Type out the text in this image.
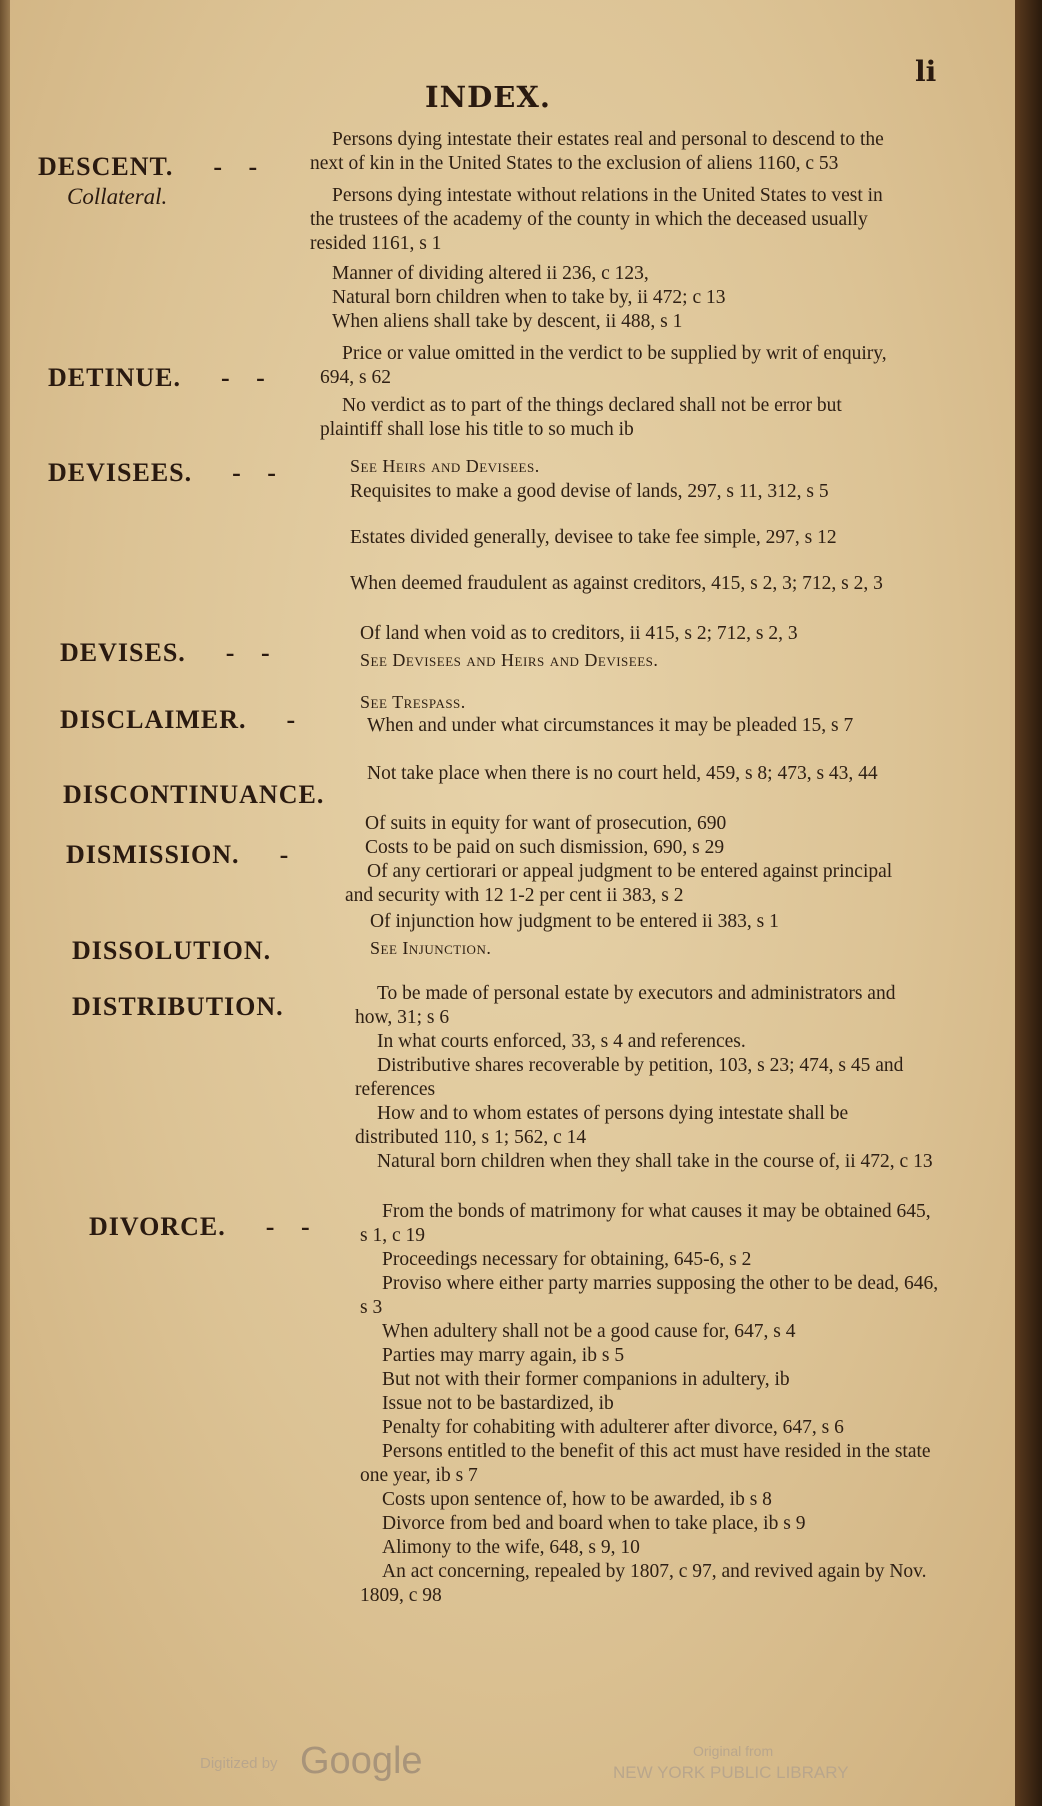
INDEX.
li
DESCENT. - -
Collateral.
DETINUE. - -
DEVISEES. - -
DEVISES. - -
DISCLAIMER. -
DISCONTINUANCE.
DISMISSION. -
DISSOLUTION.
DISTRIBUTION.
DIVORCE. - -
Persons dying intestate their estates real and personal to descend to the next of kin in the United States to the exclusion of aliens 1160, c 53
Persons dying intestate without relations in the United States to vest in the trustees of the academy of the county in which the deceased usually resided 1161, s 1
Manner of dividing altered ii 236, c 123,
Natural born children when to take by, ii 472; c 13
When aliens shall take by descent, ii 488, s 1
Price or value omitted in the verdict to be supplied by writ of enquiry, 694, s 62
No verdict as to part of the things declared shall not be error but plaintiff shall lose his title to so much ib
See Heirs and Devisees.
Requisites to make a good devise of lands, 297, s 11, 312, s 5
Estates divided generally, devisee to take fee simple, 297, s 12
When deemed fraudulent as against creditors, 415, s 2, 3; 712, s 2, 3
Of land when void as to creditors, ii 415, s 2; 712, s 2, 3
See Devisees and Heirs and Devisees.
See Trespass.
When and under what circumstances it may be pleaded 15, s 7
Not take place when there is no court held, 459, s 8; 473, s 43, 44
Of suits in equity for want of prosecution, 690
Costs to be paid on such dismission, 690, s 29
Of any certiorari or appeal judgment to be entered against principal and security with 12 1-2 per cent ii 383, s 2
Of injunction how judgment to be entered ii 383, s 1
See Injunction.
To be made of personal estate by executors and administrators and how, 31; s 6
In what courts enforced, 33, s 4 and references.
Distributive shares recoverable by petition, 103, s 23; 474, s 45 and references
How and to whom estates of persons dying intestate shall be distributed 110, s 1; 562, c 14
Natural born children when they shall take in the course of, ii 472, c 13
From the bonds of matrimony for what causes it may be obtained 645, s 1, c 19
Proceedings necessary for obtaining, 645-6, s 2
Proviso where either party marries supposing the other to be dead, 646, s 3
When adultery shall not be a good cause for, 647, s 4
Parties may marry again, ib s 5
But not with their former companions in adultery, ib
Issue not to be bastardized, ib
Penalty for cohabiting with adulterer after divorce, 647, s 6
Persons entitled to the benefit of this act must have resided in the state one year, ib s 7
Costs upon sentence of, how to be awarded, ib s 8
Divorce from bed and board when to take place, ib s 9
Alimony to the wife, 648, s 9, 10
An act concerning, repealed by 1807, c 97, and revived again by Nov. 1809, c 98
Digitized by Google	Original from
NEW YORK PUBLIC LIBRARY
